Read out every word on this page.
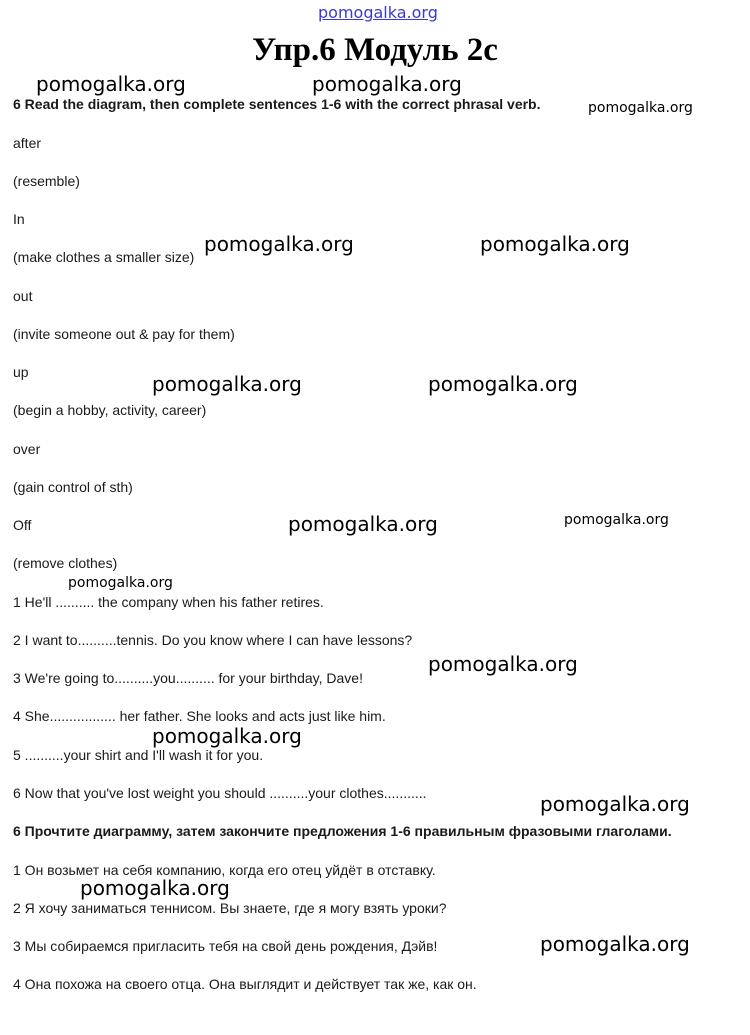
pomogalka.org
Упр.6 Модуль 2с

6 Read the diagram, then complete sentences 1-6 with the correct phrasal verb.

after

(resemble)

In

(make clothes a smaller size)

out

(invite someone out & pay for them)

up

(begin a hobby, activity, career)

over

(gain control of sth)

Off

(remove clothes)

1 He'll .......... the company when his father retires.

2 I want to..........tennis. Do you know where I can have lessons?

3 We're going to..........you.......... for your birthday, Dave!

4 She................. her father. She looks and acts just like him.

5 ..........your shirt and I'll wash it for you.

6 Now that you've lost weight you should ..........your clothes...........

6 Прочтите диаграмму, затем закончите предложения 1-6 правильным фразовыми глаголами.

1 Он возьмет на себя компанию, когда его отец уйдёт в отставку.

2 Я хочу заниматься теннисом. Вы знаете, где я могу взять уроки?

3 Мы собираемся пригласить тебя на свой день рождения, Дэйв!

4 Она похожа на своего отца. Она выглядит и действует так же, как он.

pomogalka.org	pomogalka.org
pomogalka.org
pomogalka.org	pomogalka.org
pomogalka.org	pomogalka.org
pomogalka.org	pomogalka.org
pomogalka.org
pomogalka.org
pomogalka.org
pomogalka.org
pomogalka.org
pomogalka.org
